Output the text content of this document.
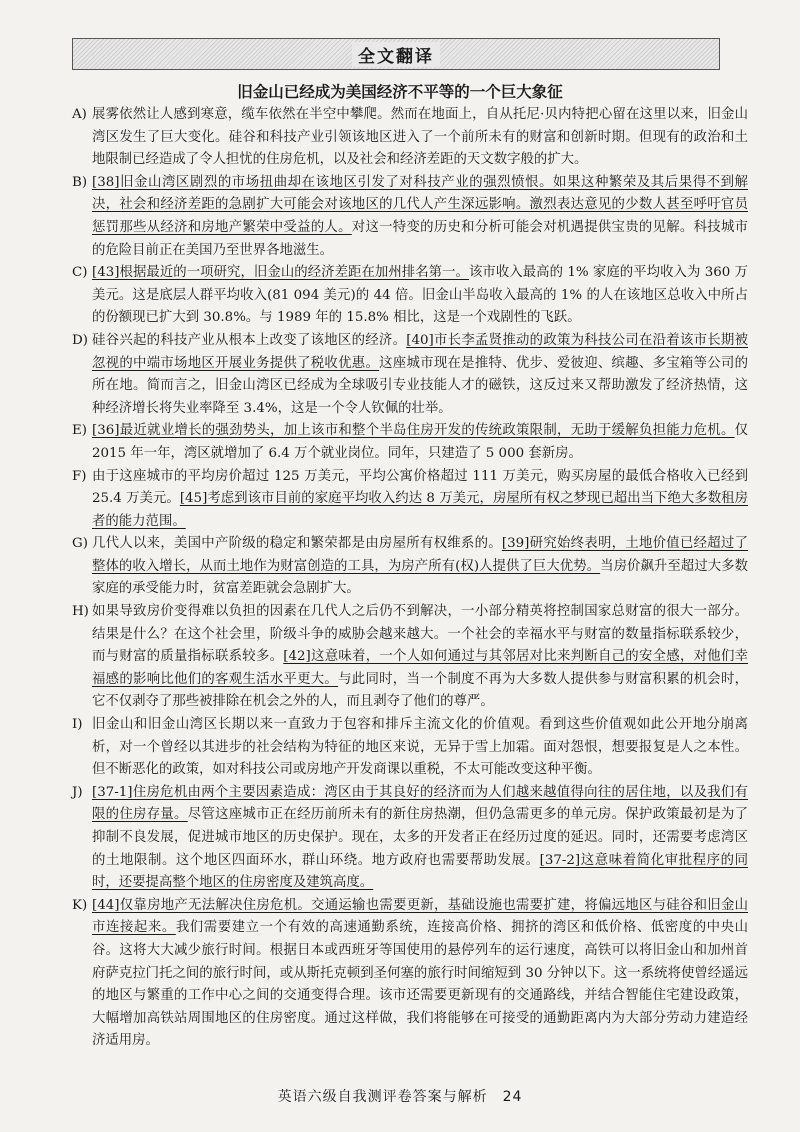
全文翻译
旧金山已经成为美国经济不平等的一个巨大象征
A) 展雾依然让人感到寒意，缆车依然在半空中攀爬。然而在地面上，自从托尼·贝内特把心留在这里以来，旧金山湾区发生了巨大变化。硅谷和科技产业引领该地区进入了一个前所未有的财富和创新时期。但现有的政治和土地限制已经造成了令人担忧的住房危机，以及社会和经济差距的天文数字般的扩大。
B) [38]旧金山湾区剧烈的市场扭曲却在该地区引发了对科技产业的强烈愤恨。如果这种繁荣及其后果得不到解决，社会和经济差距的急剧扩大可能会对该地区的几代人产生深远影响。激烈表达意见的少数人甚至呼吁官员惩罚那些从经济和房地产繁荣中受益的人。对这一特变的历史和分析可能会对机遇提供宝贵的见解。科技城市的危险目前正在美国乃至世界各地滋生。
C) [43]根据最近的一项研究，旧金山的经济差距在加州排名第一。该市收入最高的 1% 家庭的平均收入为 360 万美元。这是底层人群平均收入(81 094 美元)的 44 倍。旧金山半岛收入最高的 1% 的人在该地区总收入中所占的份额现已扩大到 30.8%。与 1989 年的 15.8% 相比，这是一个戏剧性的飞跃。
D) 硅谷兴起的科技产业从根本上改变了该地区的经济。[40]市长李孟贤推动的政策为科技公司在沿着该市长期被忽视的中端市场地区开展业务提供了税收优惠。这座城市现在是推特、优步、爱彼迎、缤趣、多宝箱等公司的所在地。简而言之，旧金山湾区已经成为全球吸引专业技能人才的磁铁，这反过来又帮助激发了经济热情，这种经济增长将失业率降至 3.4%，这是一个令人钦佩的壮举。
E) [36]最近就业增长的强劲势头，加上该市和整个半岛住房开发的传统政策限制，无助于缓解负担能力危机。仅 2015 年一年，湾区就增加了 6.4 万个就业岗位。同年，只建造了 5 000 套新房。
F) 由于这座城市的平均房价超过 125 万美元，平均公寓价格超过 111 万美元，购买房屋的最低合格收入已经到 25.4 万美元。[45]考虑到该市目前的家庭平均收入约达 8 万美元，房屋所有权之梦现已超出当下绝大多数租房者的能力范围。
G) 几代人以来，美国中产阶级的稳定和繁荣都是由房屋所有权维系的。[39]研究始终表明，土地价值已经超过了整体的收入增长，从而土地作为财富创造的工具，为房产所有(权)人提供了巨大优势。当房价飙升至超过大多数家庭的承受能力时，贫富差距就会急剧扩大。
H) 如果导致房价变得难以负担的因素在几代人之后仍不到解决，一小部分精英将控制国家总财富的很大一部分。结果是什么？在这个社会里，阶级斗争的威胁会越来越大。一个社会的幸福水平与财富的数量指标联系较少，而与财富的质量指标联系较多。[42]这意味着，一个人如何通过与其邻居对比来判断自己的安全感，对他们幸福感的影响比他们的客观生活水平更大。与此同时，当一个制度不再为大多数人提供参与财富积累的机会时，它不仅剥夺了那些被排除在机会之外的人，而且剥夺了他们的尊严。
I) 旧金山和旧金山湾区长期以来一直致力于包容和排斥主流文化的价值观。看到这些价值观如此公开地分崩离析，对一个曾经以其进步的社会结构为特征的地区来说，无异于雪上加霜。面对怨恨，想要报复是人之本性。但不断恶化的政策，如对科技公司或房地产开发商课以重税，不太可能改变这种平衡。
J) [37-1]住房危机由两个主要因素造成：湾区由于其良好的经济而为人们越来越值得向往的居住地，以及我们有限的住房存量。尽管这座城市正在经历前所未有的新住房热潮，但仍急需更多的单元房。保护政策最初是为了抑制不良发展，促进城市地区的历史保护。现在，太多的开发者正在经历过度的延迟。同时，还需要考虑湾区的土地限制。这个地区四面环水，群山环绕。地方政府也需要帮助发展。[37-2]这意味着简化审批程序的同时，还要提高整个地区的住房密度及建筑高度。
K) [44]仅靠房地产无法解决住房危机。交通运输也需要更新，基础设施也需要扩建，将偏远地区与硅谷和旧金山市连接起来。我们需要建立一个有效的高速通勤系统，连接高价格、拥挤的湾区和低价格、低密度的中央山谷。这将大大减少旅行时间。根据日本或西班牙等国使用的悬停列车的运行速度，高铁可以将旧金山和加州首府萨克拉门托之间的旅行时间，或从斯托克顿到圣何塞的旅行时间缩短到 30 分钟以下。这一系统将使曾经遥远的地区与繁重的工作中心之间的交通变得合理。该市还需要更新现有的交通路线，并结合智能住宅建设政策，大幅增加高铁站周围地区的住房密度。通过这样做，我们将能够在可接受的通勤距离内为大部分劳动力建造经济适用房。
英语六级自我测评卷答案与解析　24
